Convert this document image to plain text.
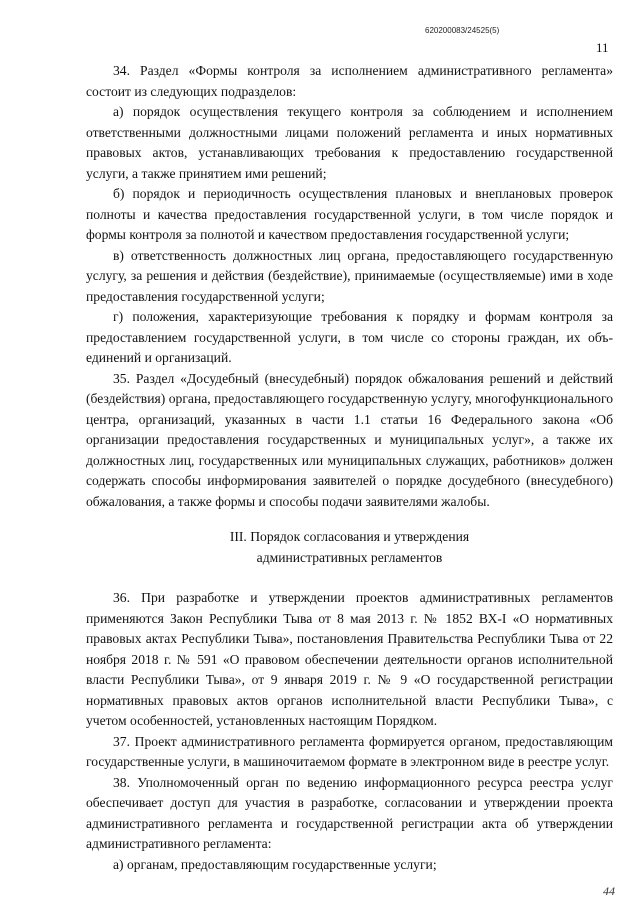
620200083/24525(5)
11

34. Раздел «Формы контроля за исполнением административного регламента» состоит из следующих подразделов:

а) порядок осуществления текущего контроля за соблюдением и исполнением ответственными должностными лицами положений регламента и иных нормативных правовых актов, устанавливающих требования к предоставлению государственной услуги, а также принятием ими решений;

б) порядок и периодичность осуществления плановых и внеплановых проверок полноты и качества предоставления государственной услуги, в том числе порядок и формы контроля за полнотой и качеством предоставления государственной услуги;

в) ответственность должностных лиц органа, предоставляющего государственную услугу, за решения и действия (бездействие), принимаемые (осуществляемые) ими в ходе предоставления государственной услуги;

г) положения, характеризующие требования к порядку и формам контроля за предоставлением государственной услуги, в том числе со стороны граждан, их объединений и организаций.

35. Раздел «Досудебный (внесудебный) порядок обжалования решений и действий (бездействия) органа, предоставляющего государственную услугу, многофункционального центра, организаций, указанных в части 1.1 статьи 16 Федерального закона «Об организации предоставления государственных и муниципальных услуг», а также их должностных лиц, государственных или муниципальных служащих, работников» должен содержать способы информирования заявителей о порядке досудебного (внесудебного) обжалования, а также формы и способы подачи заявителями жалобы.

III. Порядок согласования и утверждения
административных регламентов

36. При разработке и утверждении проектов административных регламентов применяются Закон Республики Тыва от 8 мая 2013 г. № 1852 ВХ-I «О нормативных правовых актах Республики Тыва», постановления Правительства Республики Тыва от 22 ноября 2018 г. № 591 «О правовом обеспечении деятельности органов исполнительной власти Республики Тыва», от 9 января 2019 г. № 9 «О государственной регистрации нормативных правовых актов органов исполнительной власти Республики Тыва», с учетом особенностей, установленных настоящим Порядком.

37. Проект административного регламента формируется органом, предоставляющим государственные услуги, в машиночитаемом формате в электронном виде в реестре услуг.

38. Уполномоченный орган по ведению информационного ресурса реестра услуг обеспечивает доступ для участия в разработке, согласовании и утверждении проекта административного регламента и государственной регистрации акта об утверждении административного регламента:

а) органам, предоставляющим государственные услуги;

44
